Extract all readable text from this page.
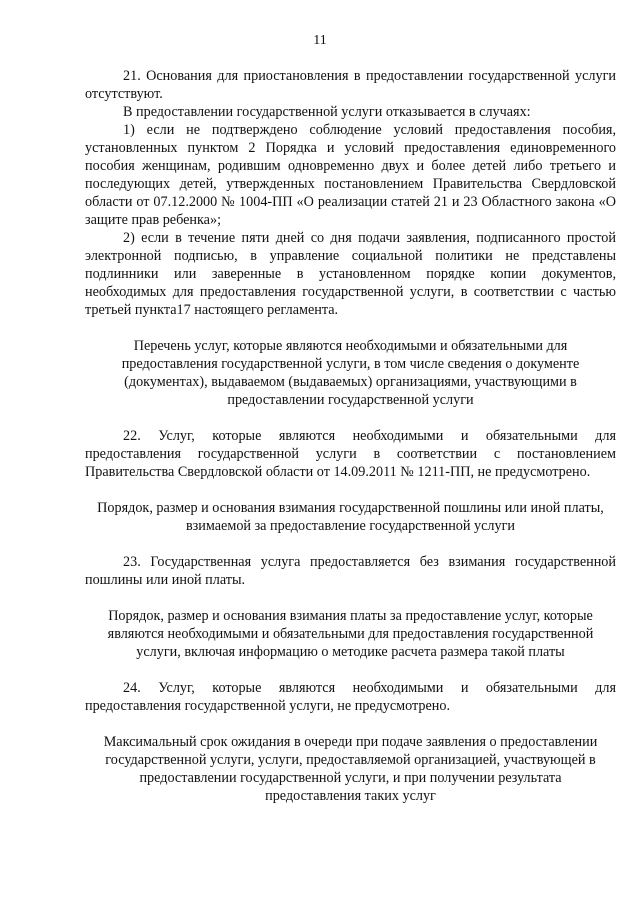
11

21. Основания для приостановления в предоставлении государственной услуги отсутствуют.

В предоставлении государственной услуги отказывается в случаях:

1) если не подтверждено соблюдение условий предоставления пособия, установленных пунктом 2 Порядка и условий предоставления единовременного пособия женщинам, родившим одновременно двух и более детей либо третьего и последующих детей, утвержденных постановлением Правительства Свердловской области от 07.12.2000 № 1004-ПП «О реализации статей 21 и 23 Областного закона «О защите прав ребенка»;

2) если в течение пяти дней со дня подачи заявления, подписанного простой электронной подписью, в управление социальной политики не представлены подлинники или заверенные в установленном порядке копии документов, необходимых для предоставления государственной услуги, в соответствии с частью третьей пункта17 настоящего регламента.

Перечень услуг, которые являются необходимыми и обязательными для предоставления государственной услуги, в том числе сведения о документе (документах), выдаваемом (выдаваемых) организациями, участвующими в предоставлении государственной услуги

22. Услуг, которые являются необходимыми и обязательными для предоставления государственной услуги в соответствии с постановлением Правительства Свердловской области от 14.09.2011 № 1211-ПП, не предусмотрено.

Порядок, размер и основания взимания государственной пошлины или иной платы, взимаемой за предоставление государственной услуги

23. Государственная услуга предоставляется без взимания государственной пошлины или иной платы.

Порядок, размер и основания взимания платы за предоставление услуг, которые являются необходимыми и обязательными для предоставления государственной услуги, включая информацию о методике расчета размера такой платы

24. Услуг, которые являются необходимыми и обязательными для предоставления государственной услуги, не предусмотрено.

Максимальный срок ожидания в очереди при подаче заявления о предоставлении государственной услуги, услуги, предоставляемой организацией, участвующей в предоставлении государственной услуги, и при получении результата предоставления таких услуг
